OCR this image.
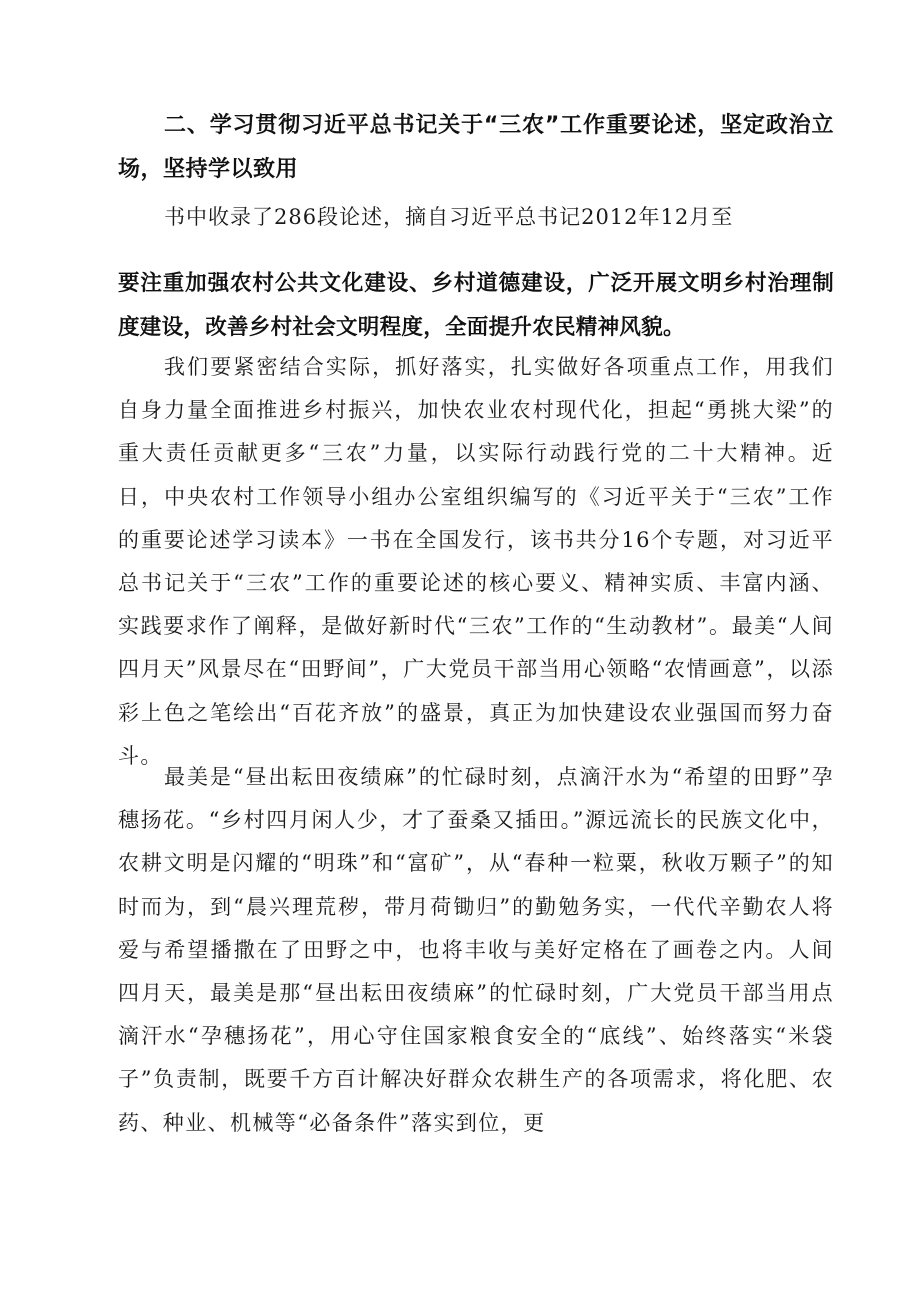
二、学习贯彻习近平总书记关于“三农”工作重要论述，坚定政治立场，坚持学以致用
书中收录了286段论述，摘自习近平总书记2012年12月至
要注重加强农村公共文化建设、乡村道德建设，广泛开展文明乡村治理制度建设，改善乡村社会文明程度，全面提升农民精神风貌。

我们要紧密结合实际，抓好落实，扎实做好各项重点工作，用我们自身力量全面推进乡村振兴，加快农业农村现代化，担起“勇挑大梁”的重大责任贡献更多“三农”力量，以实际行动践行党的二十大精神。近日，中央农村工作领导小组办公室组织编写的《习近平关于“三农”工作的重要论述学习读本》一书在全国发行，该书共分16个专题，对习近平总书记关于“三农”工作的重要论述的核心要义、精神实质、丰富内涵、实践要求作了阐释，是做好新时代“三农”工作的“生动教材”。最美“人间四月天”风景尽在“田野间”，广大党员干部当用心领略“农情画意”，以添彩上色之笔绘出“百花齐放”的盛景，真正为加快建设农业强国而努力奋斗。

最美是“昼出耘田夜绩麻”的忙碌时刻，点滴汗水为“希望的田野”孕穗扬花。“乡村四月闲人少，才了蚕桑又插田。”源远流长的民族文化中，农耕文明是闪耀的“明珠”和“富矿”，从“春种一粒粟，秋收万颗子”的知时而为，到“晨兴理荒秽，带月荷锄归”的勤勉务实，一代代辛勤农人将爱与希望播撒在了田野之中，也将丰收与美好定格在了画卷之内。人间四月天，最美是那“昼出耘田夜绩麻”的忙碌时刻，广大党员干部当用点滴汗水“孕穗扬花”，用心守住国家粮食安全的“底线”、始终落实“米袋子”负责制，既要千方百计解决好群众农耕生产的各项需求，将化肥、农药、种业、机械等“必备条件”落实到位，更
